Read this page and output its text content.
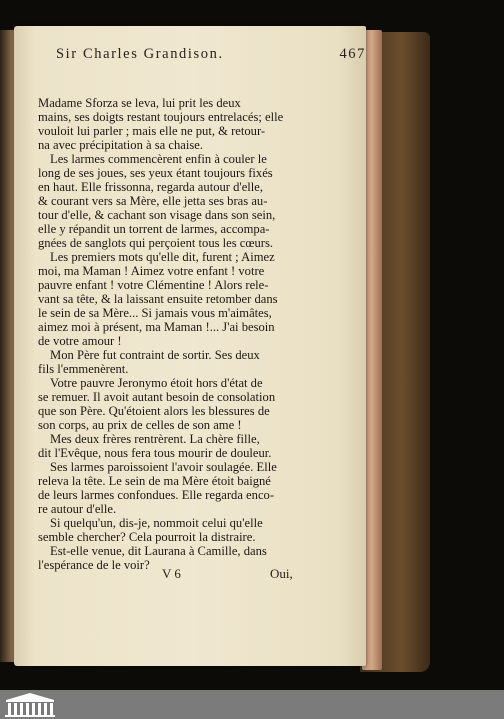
Sir Charles Grandison.	467
Madame Sforza se leva, lui prit les deux
mains, ses doigts restant toujours entrelacés; elle
vouloit lui parler ; mais elle ne put, & retour-
na avec précipitation à sa chaise.
Les larmes commencèrent enfin à couler le
long de ses joues, ses yeux étant toujours fixés
en haut. Elle frissonna, regarda autour d'elle,
& courant vers sa Mère, elle jetta ses bras au-
tour d'elle, & cachant son visage dans son sein,
elle y répandit un torrent de larmes, accompa-
gnées de sanglots qui perçoient tous les cœurs.
Les premiers mots qu'elle dit, furent ; Aimez
moi, ma Maman ! Aimez votre enfant ! votre
pauvre enfant ! votre Clémentine ! Alors rele-
vant sa tête, & la laissant ensuite retomber dans
le sein de sa Mère... Si jamais vous m'aimâtes,
aimez moi à présent, ma Maman !... J'ai besoin
de votre amour !
Mon Père fut contraint de sortir. Ses deux
fils l'emmenèrent.
Votre pauvre Jeronymo étoit hors d'état de
se remuer. Il avoit autant besoin de consolation
que son Père. Qu'étoient alors les blessures de
son corps, au prix de celles de son ame !
Mes deux frères rentrèrent. La chère fille,
dit l'Evêque, nous fera tous mourir de douleur.
Ses larmes paroissoient l'avoir soulagée. Elle
releva la tête. Le sein de ma Mère étoit baigné
de leurs larmes confondues. Elle regarda enco-
re autour d'elle.
Si quelqu'un, dis-je, nommoit celui qu'elle
semble chercher? Cela pourroit la distraire.
Est-elle venue, dit Laurana à Camille, dans
l'espérance de le voir?
V 6	Oui,
